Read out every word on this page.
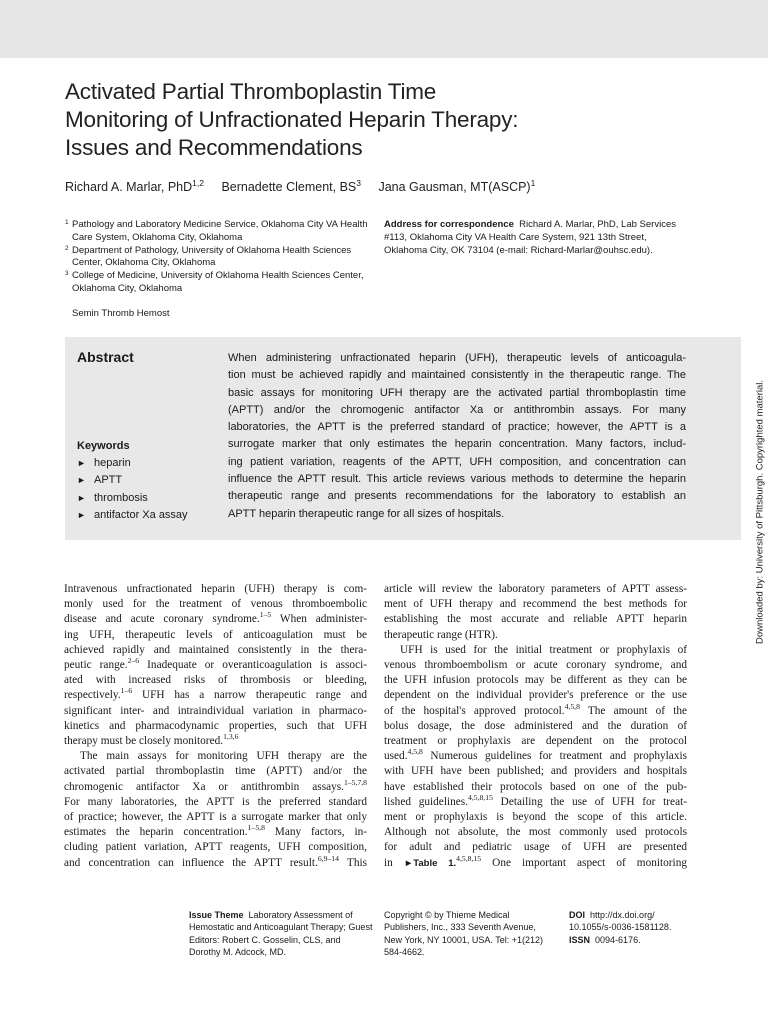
Activated Partial Thromboplastin Time
Monitoring of Unfractionated Heparin Therapy:
Issues and Recommendations
Richard A. Marlar, PhD$^{1,2}$ Bernadette Clement, $BS^3$ Jana Gausman, MT(ASCP)$^1$
1 Pathology and Laboratory Medicine Service, Oklahoma City VA Health Care System, Oklahoma City, Oklahoma
2 Department of Pathology, University of Oklahoma Health Sciences Center, Oklahoma City, Oklahoma
3 College of Medicine, University of Oklahoma Health Sciences Center, Oklahoma City, Oklahoma
Address for correspondence Richard A. Marlar, PhD, Lab Services #113, Oklahoma City VA Health Care System, 921 13th Street, Oklahoma City, OK 73104 (e-mail: Richard-Marlar@ouhsc.edu).
Semin Thromb Hemost
Abstract
Keywords
► heparin
► APTT
► thrombosis
► antifactor Xa assay
When administering unfractionated heparin (UFH), therapeutic levels of anticoagula-
tion must be achieved rapidly and maintained consistently in the therapeutic range. The
basic assays for monitoring UFH therapy are the activated partial thromboplastin time
(APTT) and/or the chromogenic antifactor Xa or antithrombin assays. For many
laboratories, the APTT is the preferred standard of practice; however, the APTT is a
surrogate marker that only estimates the heparin concentration. Many factors, includ-
ing patient variation, reagents of the APTT, UFH composition, and concentration can
influence the APTT result. This article reviews various methods to determine the heparin
therapeutic range and presents recommendations for the laboratory to establish an
APTT heparin therapeutic range for all sizes of hospitals.
Intravenous unfractionated heparin (UFH) therapy is com-
monly used for the treatment of venous thromboembolic
disease and acute coronary syndrome.$^{1-5}$ When administer-
ing UFH, therapeutic levels of anticoagulation must be
achieved rapidly and maintained consistently in the thera-
peutic range.$^{2-6}$ Inadequate or overanticoagulation is associ-
ated with increased risks of thrombosis or bleeding,
respectively.$^{1-6}$ UFH has a narrow therapeutic range and
significant inter- and intraindividual variation in pharmaco-
kinetics and pharmacodynamic properties, such that UFH
therapy must be closely monitored.$^{1,3,6}$
The main assays for monitoring UFH therapy are the
activated partial thromboplastin time (APTT) and/or the
chromogenic antifactor Xa or antithrombin assays.$^{1-5,7,8}$
For many laboratories, the APTT is the preferred standard
of practice; however, the APTT is a surrogate marker that only
estimates the heparin concentration.$^{1-5,8}$ Many factors, in-
cluding patient variation, APTT reagents, UFH composition,
and concentration can influence the APTT result.$^{6,9-14}$ This
article will review the laboratory parameters of APTT assess-
ment of UFH therapy and recommend the best methods for
establishing the most accurate and reliable APTT heparin
therapeutic range (HTR).
UFH is used for the initial treatment or prophylaxis of
venous thromboembolism or acute coronary syndrome, and
the UFH infusion protocols may be different as they can be
dependent on the individual provider's preference or the use
of the hospital's approved protocol.$^{4,5,8}$ The amount of the
bolus dosage, the dose administered and the duration of
treatment or prophylaxis are dependent on the protocol
used.$^{4,5,8}$ Numerous guidelines for treatment and prophylaxis
with UFH have been published; and providers and hospitals
have established their protocols based on one of the pub-
lished guidelines.$^{4,5,8,15}$ Detailing the use of UFH for treat-
ment or prophylaxis is beyond the scope of this article.
Although not absolute, the most commonly used protocols
for adult and pediatric usage of UFH are presented
in ►Table 1.$^{4,5,8,15}$ One important aspect of monitoring
Downloaded by: University of Pittsburgh. Copyrighted material.
Issue Theme Laboratory Assessment of Hemostatic and Anticoagulant Therapy; Guest Editors: Robert C. Gosselin, CLS, and Dorothy M. Adcock, MD.
Copyright © by Thieme Medical Publishers, Inc., 333 Seventh Avenue, New York, NY 10001, USA. Tel: +1(212) 584-4662.
DOI http://dx.doi.org/ 10.1055/s-0036-1581128.
ISSN 0094-6176.
